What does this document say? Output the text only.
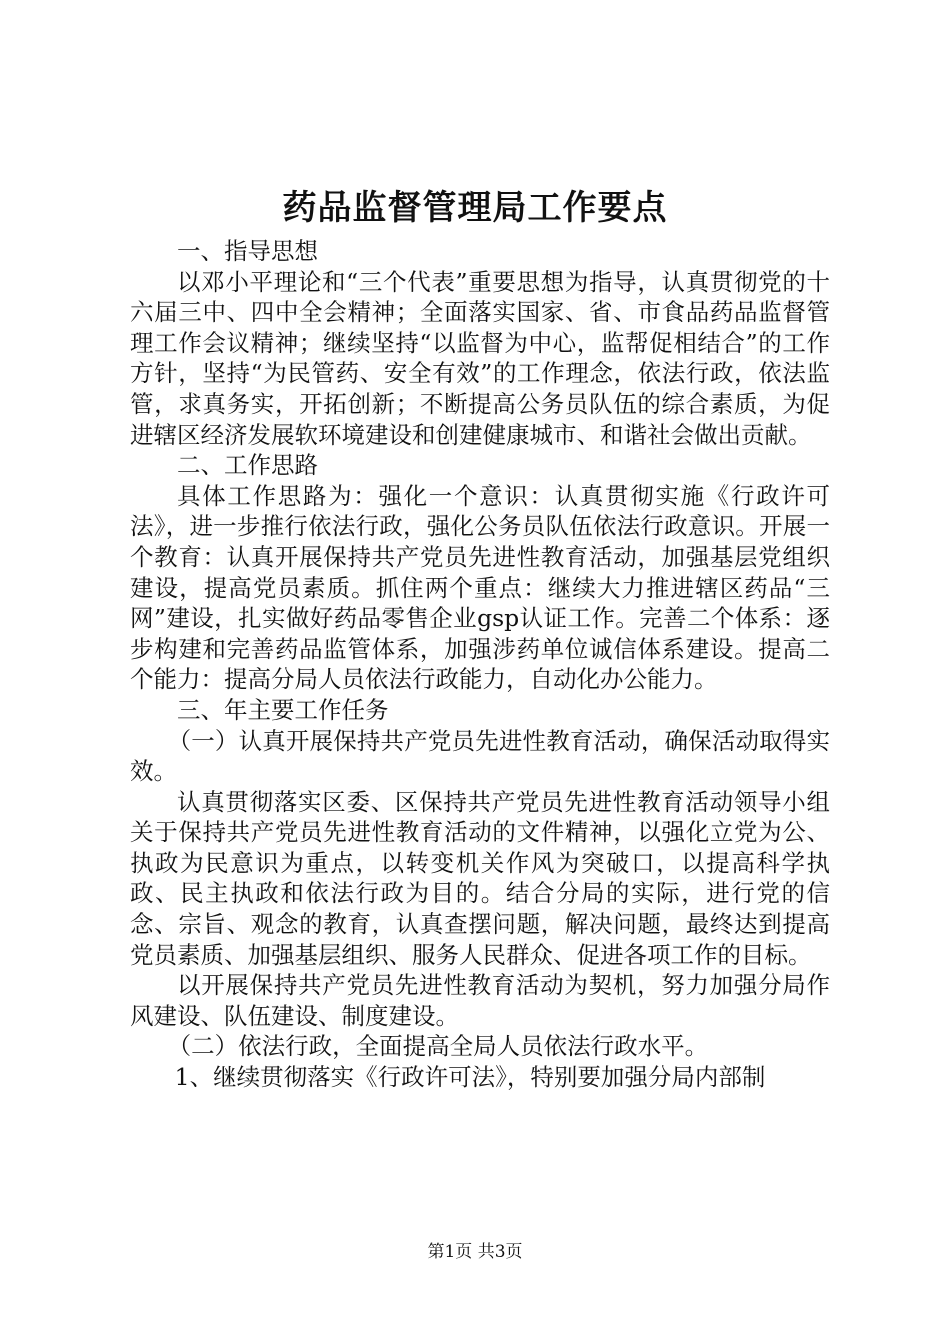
药品监督管理局工作要点

一、指导思想

以邓小平理论和“三个代表”重要思想为指导，认真贯彻党的十六届三中、四中全会精神；全面落实国家、省、市食品药品监督管理工作会议精神；继续坚持“以监督为中心，监帮促相结合”的工作方针，坚持“为民管药、安全有效”的工作理念，依法行政，依法监管，求真务实，开拓创新；不断提高公务员队伍的综合素质，为促进辖区经济发展软环境建设和创建健康城市、和谐社会做出贡献。

二、工作思路

具体工作思路为：强化一个意识：认真贯彻实施《行政许可法》，进一步推行依法行政，强化公务员队伍依法行政意识。开展一个教育：认真开展保持共产党员先进性教育活动，加强基层党组织建设，提高党员素质。抓住两个重点：继续大力推进辖区药品“三网”建设，扎实做好药品零售企业gsp认证工作。完善二个体系：逐步构建和完善药品监管体系，加强涉药单位诚信体系建设。提高二个能力：提高分局人员依法行政能力，自动化办公能力。

三、年主要工作任务

（一）认真开展保持共产党员先进性教育活动，确保活动取得实效。

认真贯彻落实区委、区保持共产党员先进性教育活动领导小组关于保持共产党员先进性教育活动的文件精神，以强化立党为公、执政为民意识为重点，以转变机关作风为突破口，以提高科学执政、民主执政和依法行政为目的。结合分局的实际，进行党的信念、宗旨、观念的教育，认真查摆问题，解决问题，最终达到提高党员素质、加强基层组织、服务人民群众、促进各项工作的目标。

以开展保持共产党员先进性教育活动为契机，努力加强分局作风建设、队伍建设、制度建设。

（二）依法行政，全面提高全局人员依法行政水平。

1、继续贯彻落实《行政许可法》，特别要加强分局内部制

第1页 共3页
